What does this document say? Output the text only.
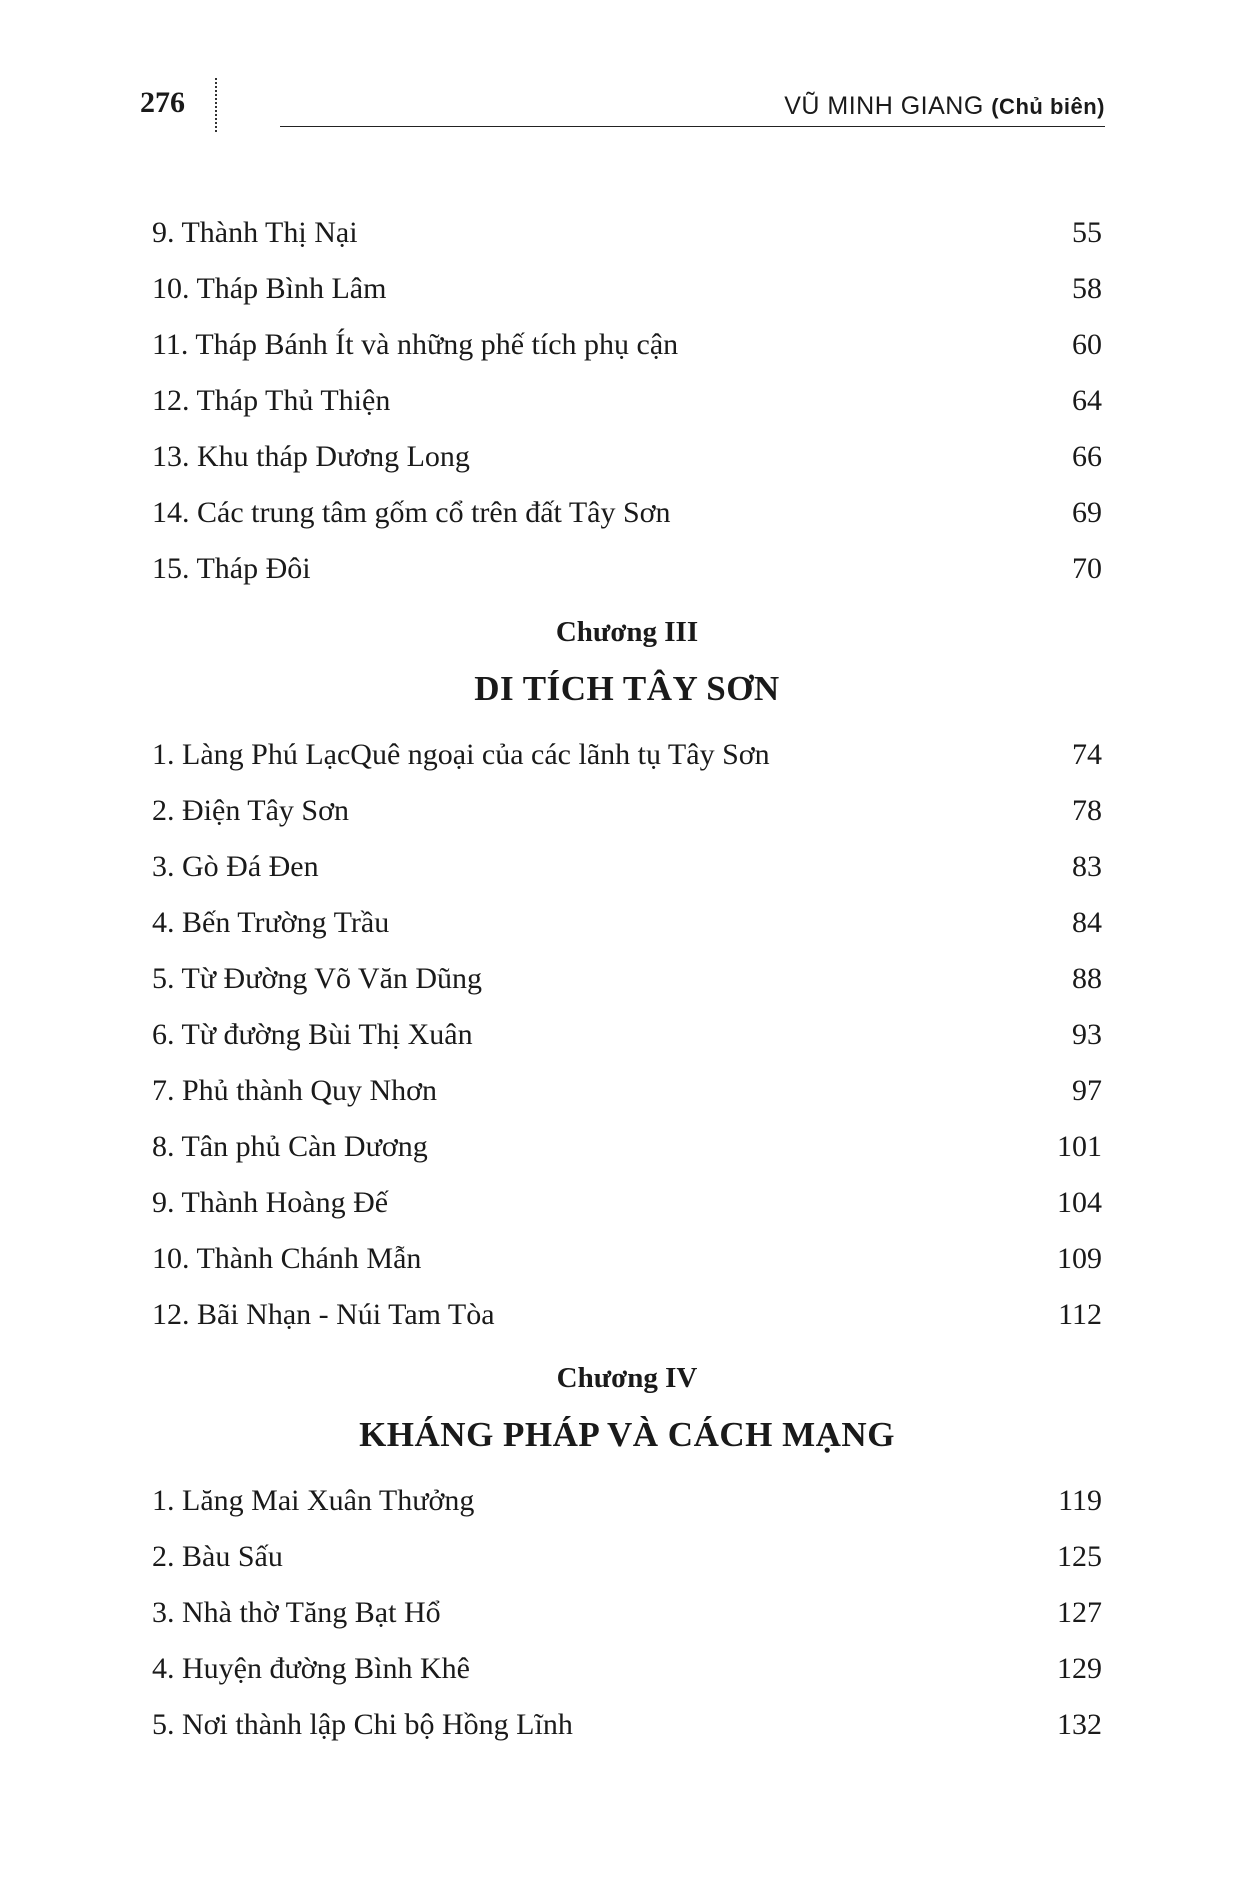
276	VŨ MINH GIANG (Chủ biên)
9. Thành Thị Nại	55
10. Tháp Bình Lâm	58
11. Tháp Bánh Ít và những phế tích phụ cận	60
12. Tháp Thủ Thiện	64
13. Khu tháp Dương Long	66
14. Các trung tâm gốm cổ trên đất Tây Sơn	69
15. Tháp Đôi	70
Chương III
DI TÍCH TÂY SƠN
1. Làng Phú LạcQuê ngoại của các lãnh tụ Tây Sơn	74
2. Điện Tây Sơn	78
3. Gò Đá Đen	83
4. Bến Trường Trầu	84
5. Từ Đường Võ Văn Dũng	88
6. Từ đường Bùi Thị Xuân	93
7. Phủ thành Quy Nhơn	97
8. Tân phủ Càn Dương	101
9. Thành Hoàng Đế	104
10. Thành Chánh Mẫn	109
12. Bãi Nhạn - Núi Tam Tòa	112
Chương IV
KHÁNG PHÁP VÀ CÁCH MẠNG
1. Lăng Mai Xuân Thưởng	119
2. Bàu Sấu	125
3. Nhà thờ Tăng Bạt Hổ	127
4. Huyện đường Bình Khê	129
5. Nơi thành lập Chi bộ Hồng Lĩnh	132
